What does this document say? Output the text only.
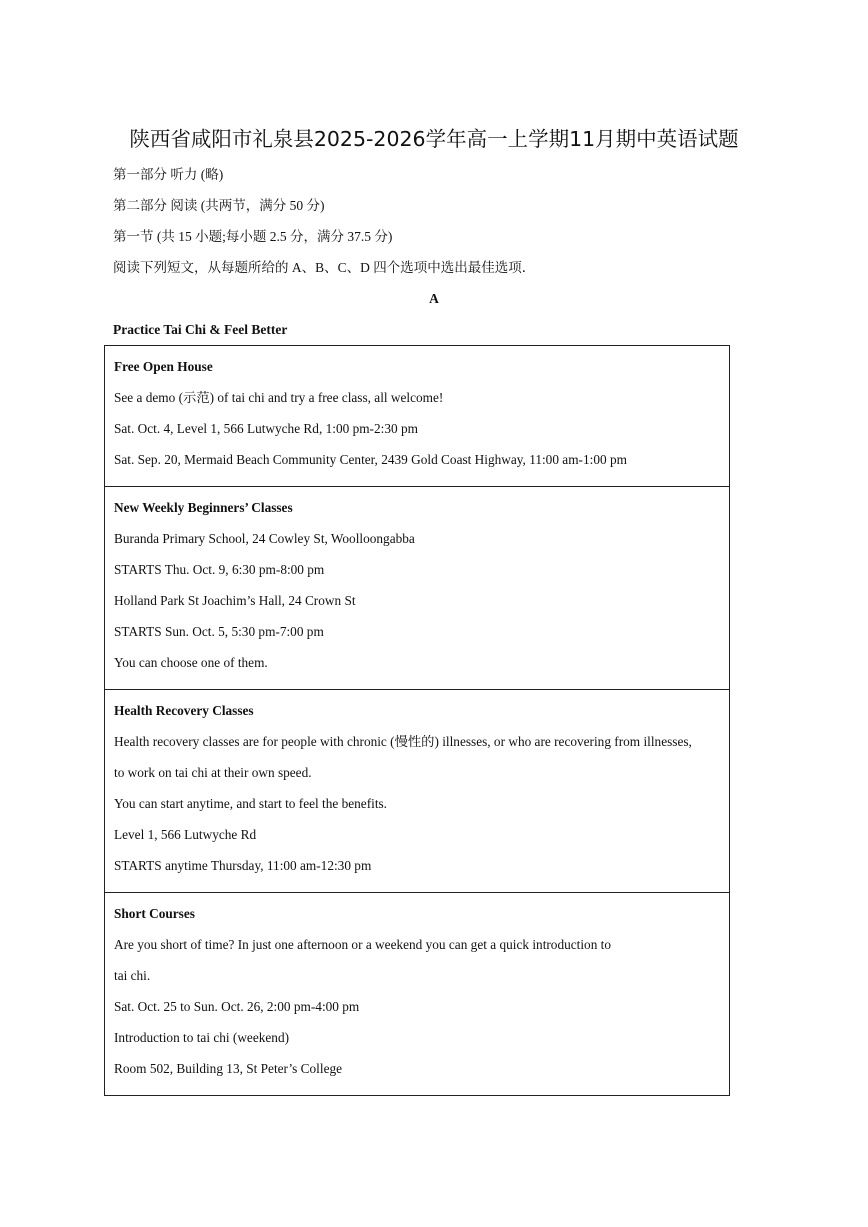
陕西省咸阳市礼泉县2025-2026学年高一上学期11月期中英语试题
第一部分 听力 (略)
第二部分 阅读 (共两节，满分 50 分)
第一节 (共 15 小题;每小题 2.5 分，满分 37.5 分)
阅读下列短文，从每题所给的 A、B、C、D 四个选项中选出最佳选项．
A
Practice Tai Chi & Feel Better
Free Open House
See a demo (示范) of tai chi and try a free class, all welcome!
Sat. Oct. 4, Level 1, 566 Lutwyche Rd, 1:00 pm-2:30 pm
Sat. Sep. 20, Mermaid Beach Community Center, 2439 Gold Coast Highway, 11:00 am-1:00 pm
New Weekly Beginners’ Classes
Buranda Primary School, 24 Cowley St, Woolloongabba
STARTS Thu. Oct. 9, 6:30 pm-8:00 pm
Holland Park St Joachim’s Hall, 24 Crown St
STARTS Sun. Oct. 5, 5:30 pm-7:00 pm
You can choose one of them.
Health Recovery Classes
Health recovery classes are for people with chronic (慢性的) illnesses, or who are recovering from illnesses,
to work on tai chi at their own speed.
You can start anytime, and start to feel the benefits.
Level 1, 566 Lutwyche Rd
STARTS anytime Thursday, 11:00 am-12:30 pm
Short Courses
Are you short of time? In just one afternoon or a weekend you can get a quick introduction to
tai chi.
Sat. Oct. 25 to Sun. Oct. 26, 2:00 pm-4:00 pm
Introduction to tai chi (weekend)
Room 502, Building 13, St Peter’s College
